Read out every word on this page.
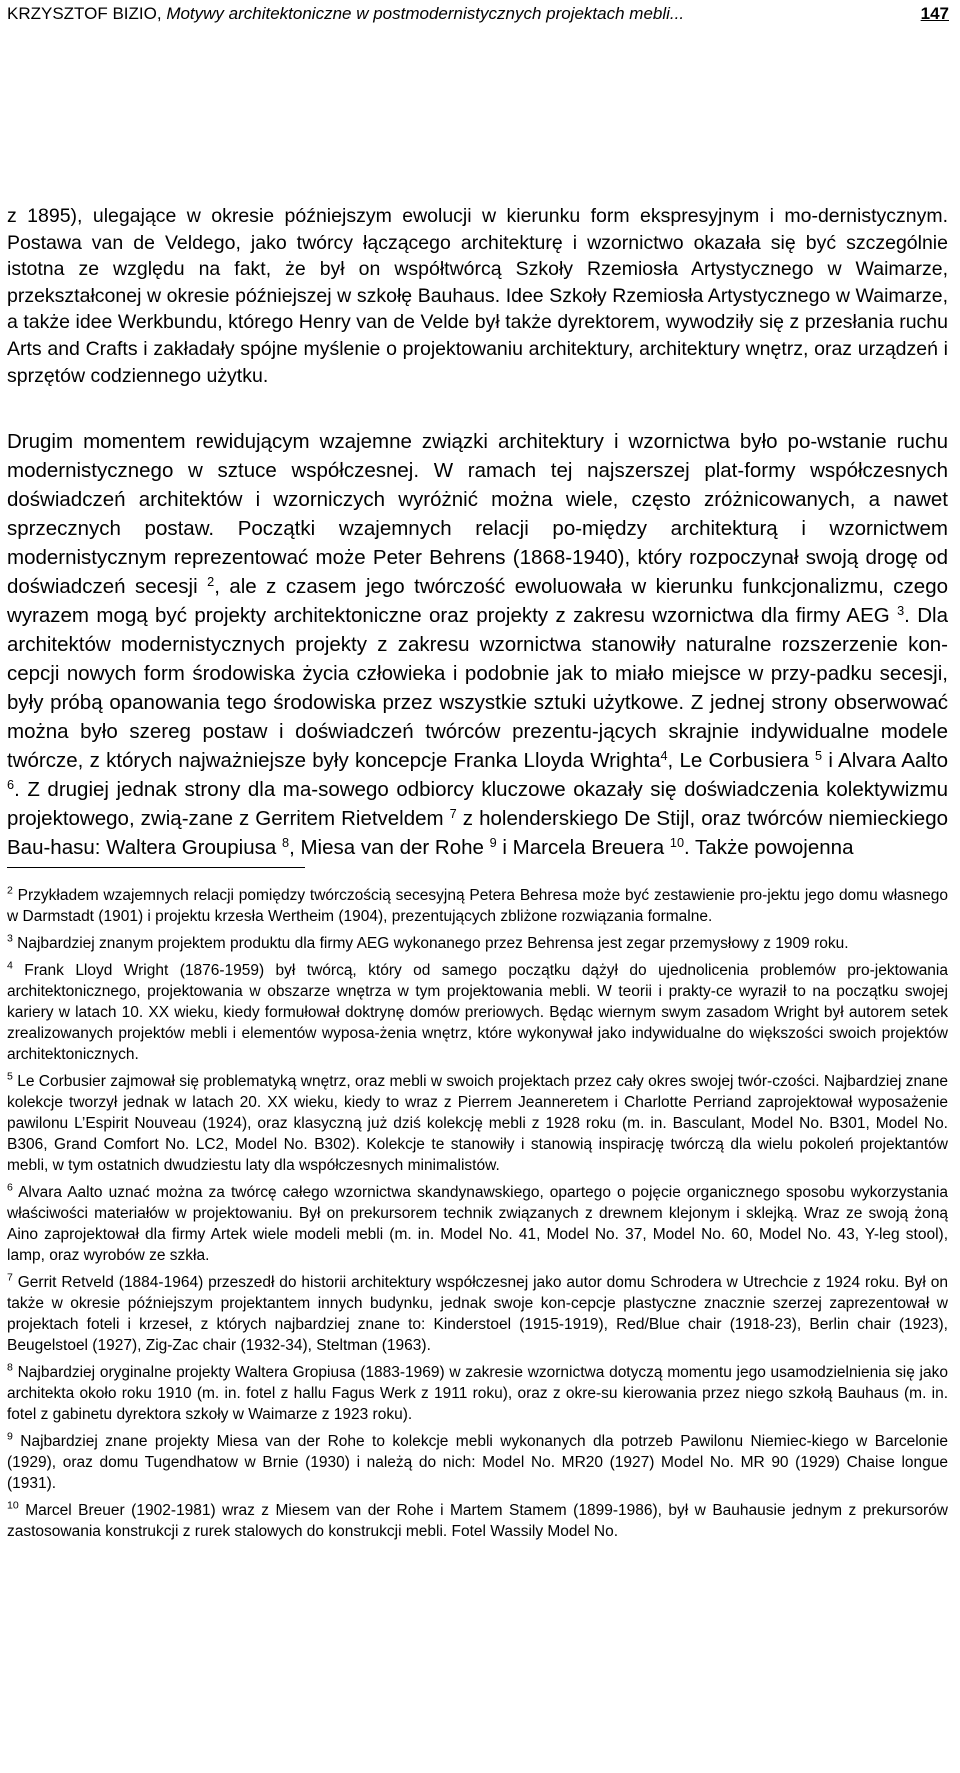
KRZYSZTOF BIZIO, Motywy architektoniczne w postmodernistycznych projektach mebli...	147

z 1895), ulegające w okresie późniejszym ewolucji w kierunku form ekspresyjnym i mo-dernistycznym. Postawa van de Veldego, jako twórcy łączącego architekturę i wzornictwo okazała się być szczególnie istotna ze względu na fakt, że był on współtwórcą Szkoły Rzemiosła Artystycznego w Waimarze, przekształconej w okresie późniejszej w szkołę Bauhaus. Idee Szkoły Rzemiosła Artystycznego w Waimarze, a także idee Werkbundu, którego Henry van de Velde był także dyrektorem, wywodziły się z przesłania ruchu Arts and Crafts i zakładały spójne myślenie o projektowaniu architektury, architektury wnętrz, oraz urządzeń i sprzętów codziennego użytku.

Drugim momentem rewidującym wzajemne związki architektury i wzornictwa było po-wstanie ruchu modernistycznego w sztuce współczesnej. W ramach tej najszerszej plat-formy współczesnych doświadczeń architektów i wzorniczych wyróżnić można wiele, często zróżnicowanych, a nawet sprzecznych postaw. Początki wzajemnych relacji po-między architekturą i wzornictwem modernistycznym reprezentować może Peter Behrens (1868-1940), który rozpoczynał swoją drogę od doświadczeń secesji $^2$, ale z czasem jego twórczość ewoluowała w kierunku funkcjonalizmu, czego wyrazem mogą być projekty architektoniczne oraz projekty z zakresu wzornictwa dla firmy AEG $^3$. Dla architektów modernistycznych projekty z zakresu wzornictwa stanowiły naturalne rozszerzenie kon-cepcji nowych form środowiska życia człowieka i podobnie jak to miało miejsce w przy-padku secesji, były próbą opanowania tego środowiska przez wszystkie sztuki użytkowe. Z jednej strony obserwować można było szereg postaw i doświadczeń twórców prezentu-jących skrajnie indywidualne modele twórcze, z których najważniejsze były koncepcje Franka Lloyda Wrighta$^4$, Le Corbusiera $^5$ i Alvara Aalto $^6$. Z drugiej jednak strony dla ma-sowego odbiorcy kluczowe okazały się doświadczenia kolektywizmu projektowego, zwią-zane z Gerritem Rietveldem $^7$ z holenderskiego De Stijl, oraz twórców niemieckiego Bau-hasu: Waltera Groupiusa $^8$, Miesa van der Rohe $^9$ i Marcela Breuera $^{10}$. Także powojenna

$^2$ Przykładem wzajemnych relacji pomiędzy twórczością secesyjną Petera Behresa może być zestawienie pro-jektu jego domu własnego w Darmstadt (1901) i projektu krzesła Wertheim (1904), prezentujących zbliżone rozwiązania formalne.

$^3$ Najbardziej znanym projektem produktu dla firmy AEG wykonanego przez Behrensa jest zegar przemysłowy z 1909 roku.

$^4$ Frank Lloyd Wright (1876-1959) był twórcą, który od samego początku dążył do ujednolicenia problemów pro-jektowania architektonicznego, projektowania w obszarze wnętrza w tym projektowania mebli. W teorii i prakty-ce wyraził to na początku swojej kariery w latach 10. XX wieku, kiedy formułował doktrynę domów preriowych. Będąc wiernym swym zasadom Wright był autorem setek zrealizowanych projektów mebli i elementów wyposa-żenia wnętrz, które wykonywał jako indywidualne do większości swoich projektów architektonicznych.

$^5$ Le Corbusier zajmował się problematyką wnętrz, oraz mebli w swoich projektach przez cały okres swojej twór-czości. Najbardziej znane kolekcje tworzył jednak w latach 20. XX wieku, kiedy to wraz z Pierrem Jeanneretem i Charlotte Perriand zaprojektował wyposażenie pawilonu L’Espirit Nouveau (1924), oraz klasyczną już dziś kolekcję mebli z 1928 roku (m. in. Basculant, Model No. B301, Model No. B306, Grand Comfort No. LC2, Model No. B302). Kolekcje te stanowiły i stanowią inspirację twórczą dla wielu pokoleń projektantów mebli, w tym ostatnich dwudziestu laty dla współczesnych minimalistów.

$^6$ Alvara Aalto uznać można za twórcę całego wzornictwa skandynawskiego, opartego o pojęcie organicznego sposobu wykorzystania właściwości materiałów w projektowaniu. Był on prekursorem technik związanych z drewnem klejonym i sklejką. Wraz ze swoją żoną Aino zaprojektował dla firmy Artek wiele modeli mebli (m. in. Model No. 41, Model No. 37, Model No. 60, Model No. 43, Y-leg stool), lamp, oraz wyrobów ze szkła.

$^7$ Gerrit Retveld (1884-1964) przeszedł do historii architektury współczesnej jako autor domu Schrodera w Utrechcie z 1924 roku. Był on także w okresie późniejszym projektantem innych budynku, jednak swoje kon-cepcje plastyczne znacznie szerzej zaprezentował w projektach foteli i krzeseł, z których najbardziej znane to: Kinderstoel (1915-1919), Red/Blue chair (1918-23), Berlin chair (1923), Beugelstoel (1927), Zig-Zac chair (1932-34), Steltman (1963).

$^8$ Najbardziej oryginalne projekty Waltera Gropiusa (1883-1969) w zakresie wzornictwa dotyczą momentu jego usamodzielnienia się jako architekta około roku 1910 (m. in. fotel z hallu Fagus Werk z 1911 roku), oraz z okre-su kierowania przez niego szkołą Bauhaus (m. in. fotel z gabinetu dyrektora szkoły w Waimarze z 1923 roku).

$^9$ Najbardziej znane projekty Miesa van der Rohe to kolekcje mebli wykonanych dla potrzeb Pawilonu Niemiec-kiego w Barcelonie (1929), oraz domu Tugendhatow w Brnie (1930) i należą do nich: Model No. MR20 (1927) Model No. MR 90 (1929) Chaise longue (1931).

$^{10}$ Marcel Breuer (1902-1981) wraz z Miesem van der Rohe i Martem Stamem (1899-1986), był w Bauhausie jednym z prekursorów zastosowania konstrukcji z rurek stalowych do konstrukcji mebli. Fotel Wassily Model No.
